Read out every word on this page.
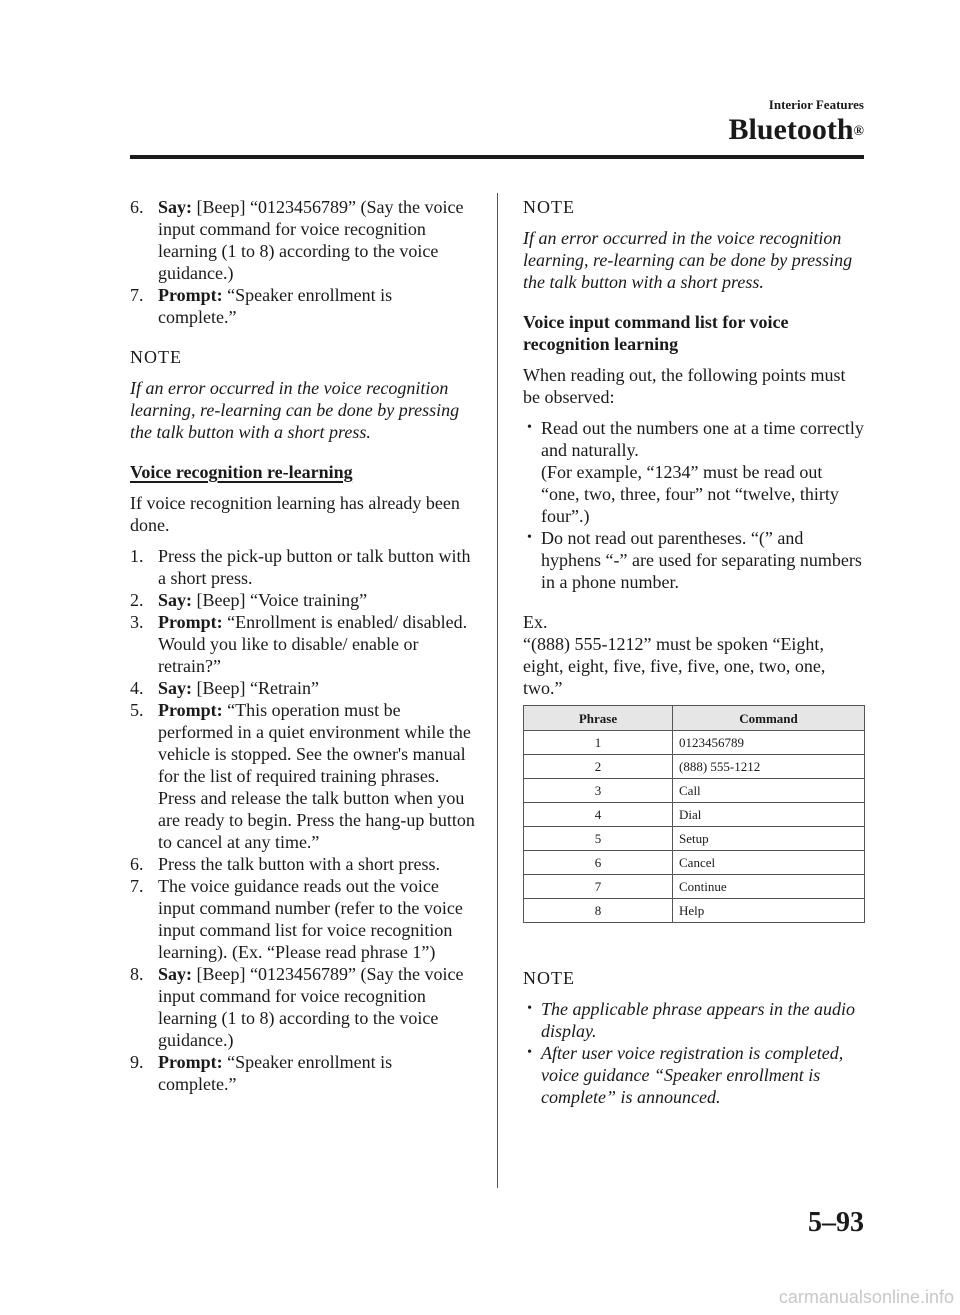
Interior Features
Bluetooth®
6. Say: [Beep] “0123456789” (Say the voice input command for voice recognition learning (1 to 8) according to the voice guidance.)
7. Prompt: “Speaker enrollment is complete.”
NOTE
If an error occurred in the voice recognition learning, re-learning can be done by pressing the talk button with a short press.
Voice recognition re-learning
If voice recognition learning has already been done.
1. Press the pick-up button or talk button with a short press.
2. Say: [Beep] “Voice training”
3. Prompt: “Enrollment is enabled/ disabled. Would you like to disable/ enable or retrain?”
4. Say: [Beep] “Retrain”
5. Prompt: “This operation must be performed in a quiet environment while the vehicle is stopped. See the owner's manual for the list of required training phrases. Press and release the talk button when you are ready to begin. Press the hang-up button to cancel at any time.”
6. Press the talk button with a short press.
7. The voice guidance reads out the voice input command number (refer to the voice input command list for voice recognition learning). (Ex. “Please read phrase 1”)
8. Say: [Beep] “0123456789” (Say the voice input command for voice recognition learning (1 to 8) according to the voice guidance.)
9. Prompt: “Speaker enrollment is complete.”
NOTE
If an error occurred in the voice recognition learning, re-learning can be done by pressing the talk button with a short press.
Voice input command list for voice recognition learning
When reading out, the following points must be observed:
• Read out the numbers one at a time correctly and naturally.
(For example, “1234” must be read out “one, two, three, four” not “twelve, thirty four”.)
• Do not read out parentheses. “(” and hyphens “-” are used for separating numbers in a phone number.
Ex.
“(888) 555-1212” must be spoken “Eight, eight, eight, five, five, five, one, two, one, two.”
Phrase	Command
1	0123456789
2	(888) 555-1212
3	Call
4	Dial
5	Setup
6	Cancel
7	Continue
8	Help
NOTE
• The applicable phrase appears in the audio display.
• After user voice registration is completed, voice guidance “Speaker enrollment is complete” is announced.
5–93
carmanualsonline.info
